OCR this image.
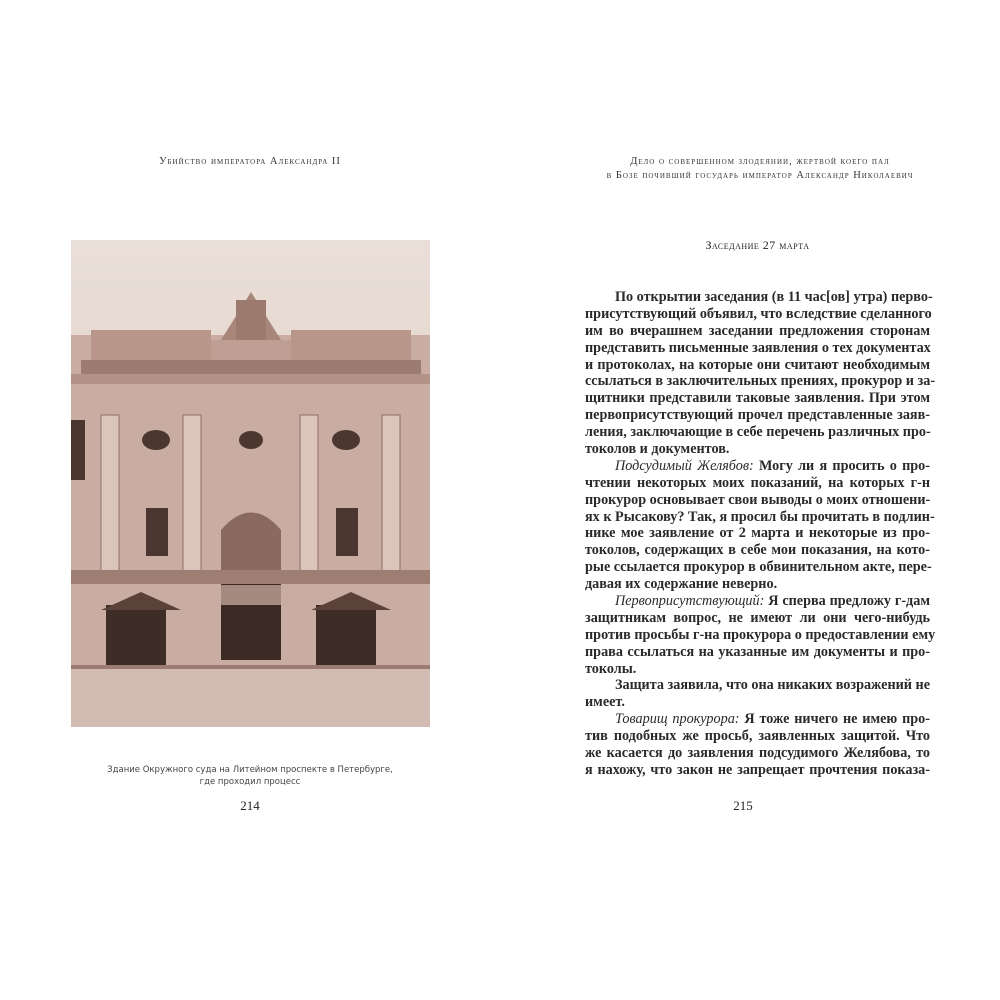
Убийство императора Александра II
Здание Окружного суда на Литейном проспекте в Петербурге,
где проходил процесс
214
Дело о совершенном злодеянии, жертвой коего пал
в Бозе почивший государь император Александр Николаевич
Заседание 27 марта
По открытии заседания (в 11 час[ов] утра) перво-
присутствующий объявил, что вследствие сделанного
им во вчерашнем заседании предложения сторонам
представить письменные заявления о тех документах
и протоколах, на которые они считают необходимым
ссылаться в заключительных прениях, прокурор и за-
щитники представили таковые заявления. При этом
первоприсутствующий прочел представленные заяв-
ления, заключающие в себе перечень различных про-
токолов и документов.
Подсудимый Желябов: Могу ли я просить о про-
чтении некоторых моих показаний, на которых г-н
прокурор основывает свои выводы о моих отношени-
ях к Рысакову? Так, я просил бы прочитать в подлин-
нике мое заявление от 2 марта и некоторые из про-
токолов, содержащих в себе мои показания, на кото-
рые ссылается прокурор в обвинительном акте, пере-
давая их содержание неверно.
Первоприсутствующий: Я сперва предложу г-дам
защитникам вопрос, не имеют ли они чего-нибудь
против просьбы г-на прокурора о предоставлении ему
права ссылаться на указанные им документы и про-
токолы.
Защита заявила, что она никаких возражений не
имеет.
Товарищ прокурора: Я тоже ничего не имею про-
тив подобных же просьб, заявленных защитой. Что
же касается до заявления подсудимого Желябова, то
я нахожу, что закон не запрещает прочтения показа-
215
